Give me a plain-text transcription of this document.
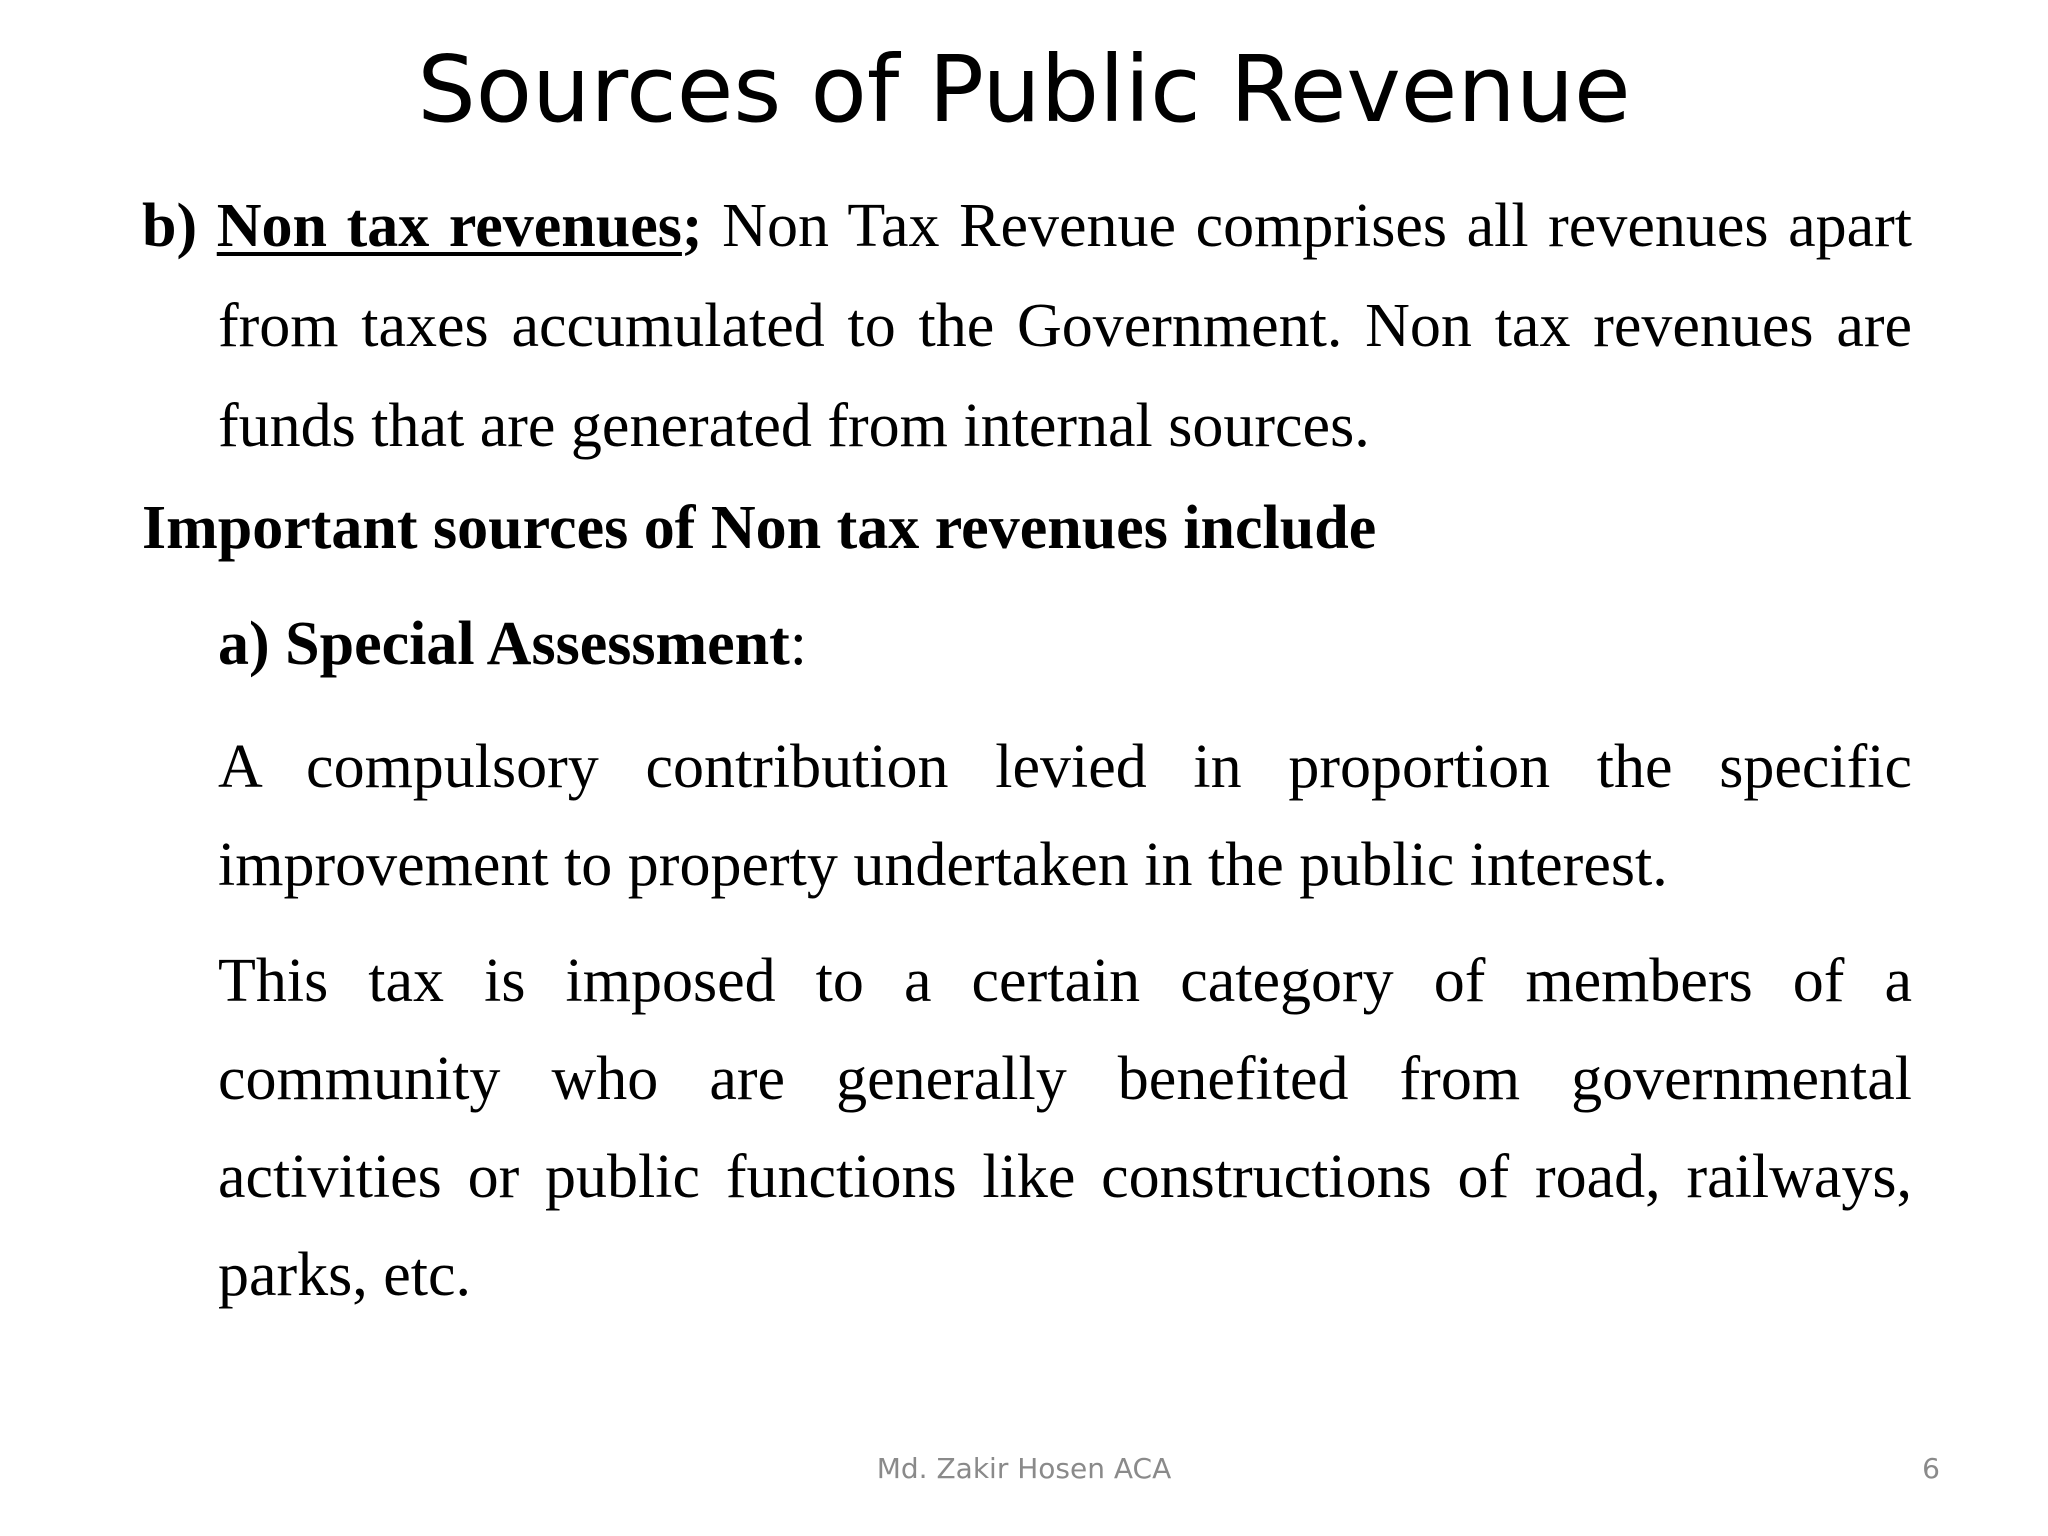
Sources of Public Revenue

b) Non tax revenues; Non Tax Revenue comprises all revenues apart from taxes accumulated to the Government. Non tax revenues are funds that are generated from internal sources.

Important sources of Non tax revenues include

a) Special Assessment:

A compulsory contribution levied in proportion the specific improvement to property undertaken in the public interest.

This tax is imposed to a certain category of members of a community who are generally benefited from governmental activities or public functions like constructions of road, railways, parks, etc.

Md. Zakir Hosen ACA	6
